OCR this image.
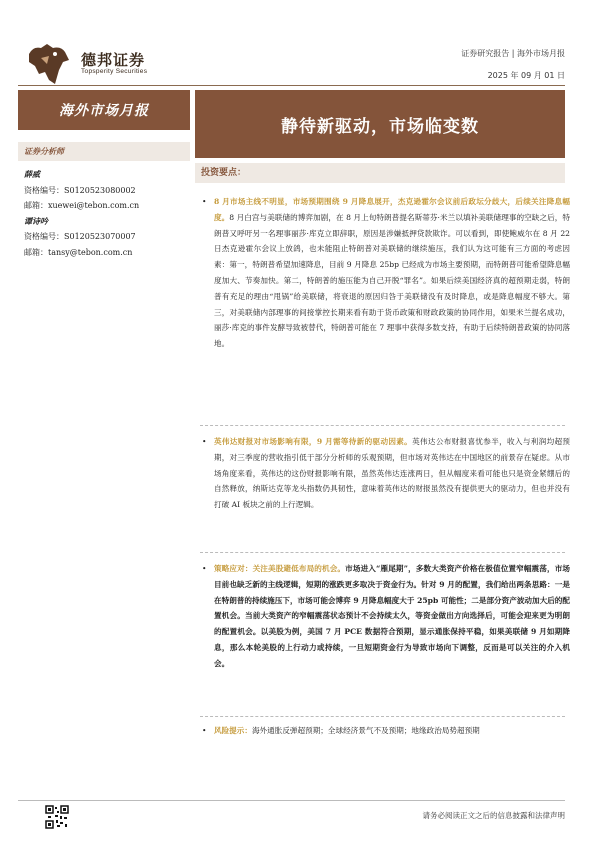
德邦证券
Topsperity Securities
证券研究报告 | 海外市场月报
2025 年 09 月 01 日
海外市场月报
静待新驱动，市场临变数
证券分析师
薛威
资格编号：S0120523080002
邮箱：xuewei@tebon.com.cn
谭诗吟
资格编号：S0120523070007
邮箱：tansy@tebon.com.cn
投资要点：
• 8 月市场主线不明显，市场预期围绕 9 月降息展开，杰克逊霍尔会议前后政坛分歧大，后续关注降息幅度。8 月白宫与美联储的博弈加剧，在 8 月上旬特朗普提名斯蒂芬·米兰以填补美联储理事的空缺之后，特朗普又呼吁另一名理事丽莎·库克立即辞职，原因是涉嫌抵押贷款欺诈。可以看到，即使鲍威尔在 8 月 22 日杰克逊霍尔会议上放鸽，也未能阻止特朗普对美联储的继续施压，我们认为这可能有三方面的考虑因素：第一，特朗普希望加速降息，目前 9 月降息 25bp 已经成为市场主要预期，而特朗普可能希望降息幅度加大、节奏加快。第二，特朗普的施压能为自己开脱“罪名”。如果后续美国经济真的超预期走弱，特朗普有充足的理由“甩锅”给美联储，将衰退的原因归咎于美联储没有及时降息，或是降息幅度不够大。第三，对美联储内部理事的间接掌控长期来看有助于货币政策和财政政策的协同作用，如果米兰提名成功，丽莎·库克的事件发酵导致被替代，特朗普可能在 7 理事中获得多数支持，有助于后续特朗普政策的协同落地。
• 英伟达财报对市场影响有限，9 月需等待新的驱动因素。英伟达公布财报喜忧参半，收入与利润均超预期，对三季度的营收指引低于部分分析师的乐观预期，但市场对英伟达在中国地区的前景存在疑虑。从市场角度来看，英伟达的这份财报影响有限，虽然英伟达连涨两日，但从幅度来看可能也只是资金紧绷后的自然释放，纳斯达克等龙头指数仍具韧性，意味着英伟达的财报虽然没有提供更大的驱动力，但也并没有打破 AI 板块之前的上行逻辑。
• 策略应对：关注美股避低布局的机会。市场进入“雁尾期”，多数大类资产价格在极值位置窄幅震荡，市场目前也缺乏新的主线逻辑，短期的涨跌更多取决于资金行为。针对 9 月的配置，我们给出两条思路：一是在特朗普的持续施压下，市场可能会博弈 9 月降息幅度大于 25pb 可能性；二是部分资产波动加大后的配置机会。当前大类资产的窄幅震荡状态预计不会持续太久，等资金做出方向选择后，可能会迎来更为明朗的配置机会。以美股为例，美国 7 月 PCE 数据符合预期，显示通胀保持平稳，如果美联储 9 月如期降息，那么本轮美股的上行动力或持续，一旦短期资金行为导致市场向下调整，反而是可以关注的介入机会。
• 风险提示：海外通胀反弹超预期；全球经济景气不及预期；地缘政治局势超预期
请务必阅读正文之后的信息披露和法律声明
